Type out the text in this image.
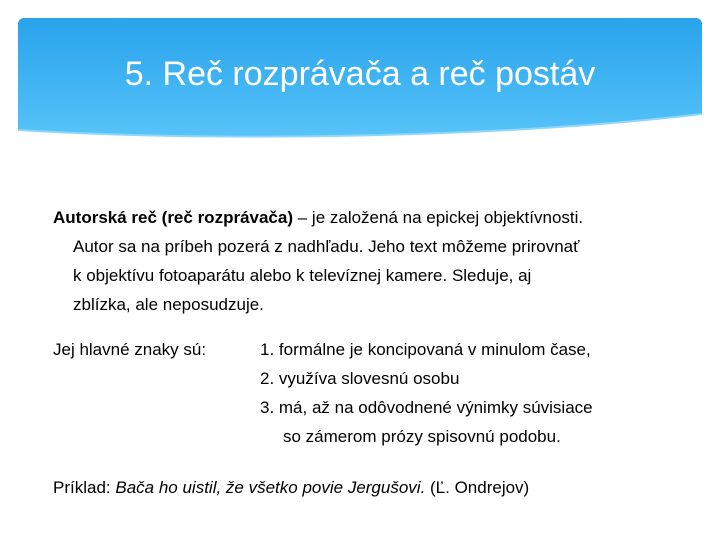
5. Reč rozprávača a reč postáv
Autorská reč (reč rozprávača) – je založená na epickej objektívnosti.
Autor sa na príbeh pozerá z nadhľadu. Jeho text môžeme prirovnať
k objektívu fotoaparátu alebo k televíznej kamere. Sleduje, aj
zblízka, ale neposudzuje.
Jej hlavné znaky sú:	1. formálne je koncipovaná v minulom čase,
2. využíva slovesnú osobu
3. má, až na odôvodnené výnimky súvisiace
so zámerom prózy spisovnú podobu.
Príklad: Bača ho uistil, že všetko povie Jergušovi. (Ľ. Ondrejov)
